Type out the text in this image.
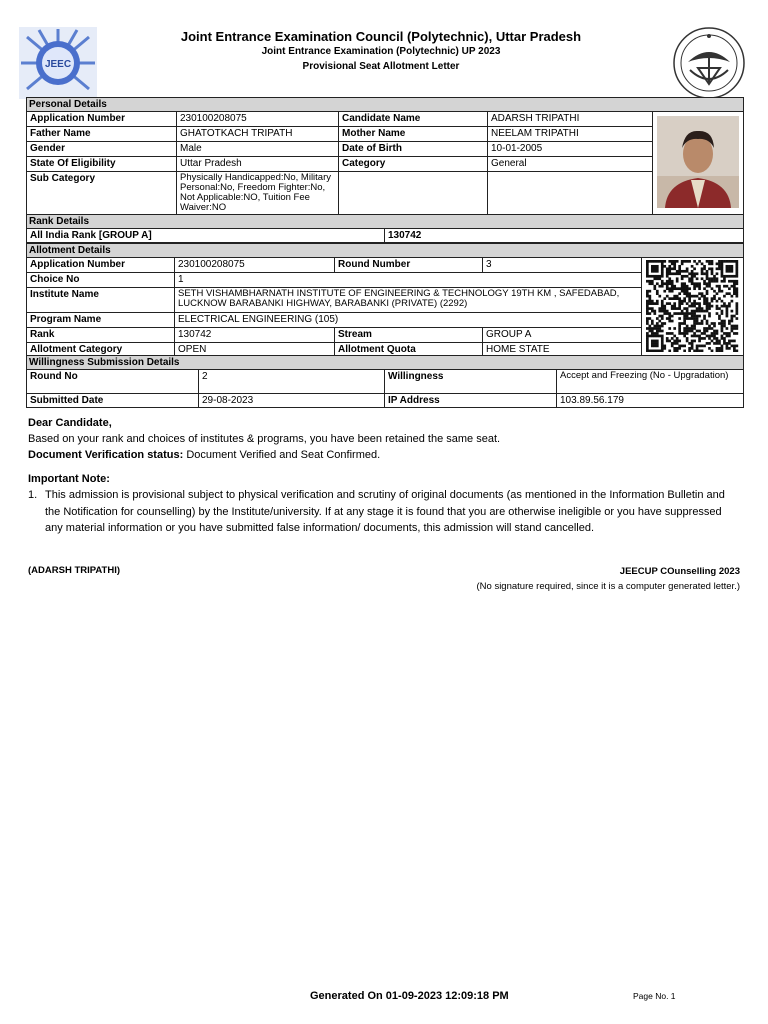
JEEC
Joint Entrance Examination Council (Polytechnic), Uttar Pradesh
Joint Entrance Examination (Polytechnic) UP 2023
Provisional Seat Allotment Letter
Personal Details				
Application Number	230100208075	Candidate Name	ADARSH TRIPATHI	
Father Name	GHATOTKACH TRIPATH	Mother Name	NEELAM TRIPATHI	
Gender	Male	Date of Birth	10-01-2005	
State Of Eligibility	Uttar Pradesh	Category	General	
Sub Category	Physically Handicapped:No, Military Personal:No, Freedom Fighter:No, Not Applicable:NO, Tuition Fee Waiver:NO			
Rank Details
All India Rank [GROUP A]	130742
Allotment Details				
Application Number	230100208075	Round Number	3	
Choice No	1			
Institute Name	SETH VISHAMBHARNATH INSTITUTE OF ENGINEERING & TECHNOLOGY 19TH KM , SAFEDABAD, LUCKNOW BARABANKI HIGHWAY, BARABANKI (PRIVATE) (2292)			
Program Name	ELECTRICAL ENGINEERING (105)			
Rank	130742	Stream	GROUP A	
Allotment Category	OPEN	Allotment Quota	HOME STATE	
Willingness Submission Details			
Round No	2	Willingness	Accept and Freezing (No - Upgradation)
Submitted Date	29-08-2023	IP Address	103.89.56.179
Dear Candidate,
Based on your rank and choices of institutes & programs, you have been retained the same seat.
Document Verification status: Document Verified and Seat Confirmed.
Important Note:
1. This admission is provisional subject to physical verification and scrutiny of original documents (as mentioned in the Information Bulletin and the Notification for counselling) by the Institute/university. If at any stage it is found that you are otherwise ineligible or you have suppressed any material information or you have submitted false information/ documents, this admission will stand cancelled.
(ADARSH TRIPATHI)	JEECUP COunselling 2023
(No signature required, since it is a computer generated letter.)
Generated On 01-09-2023 12:09:18 PM	Page No. 1
